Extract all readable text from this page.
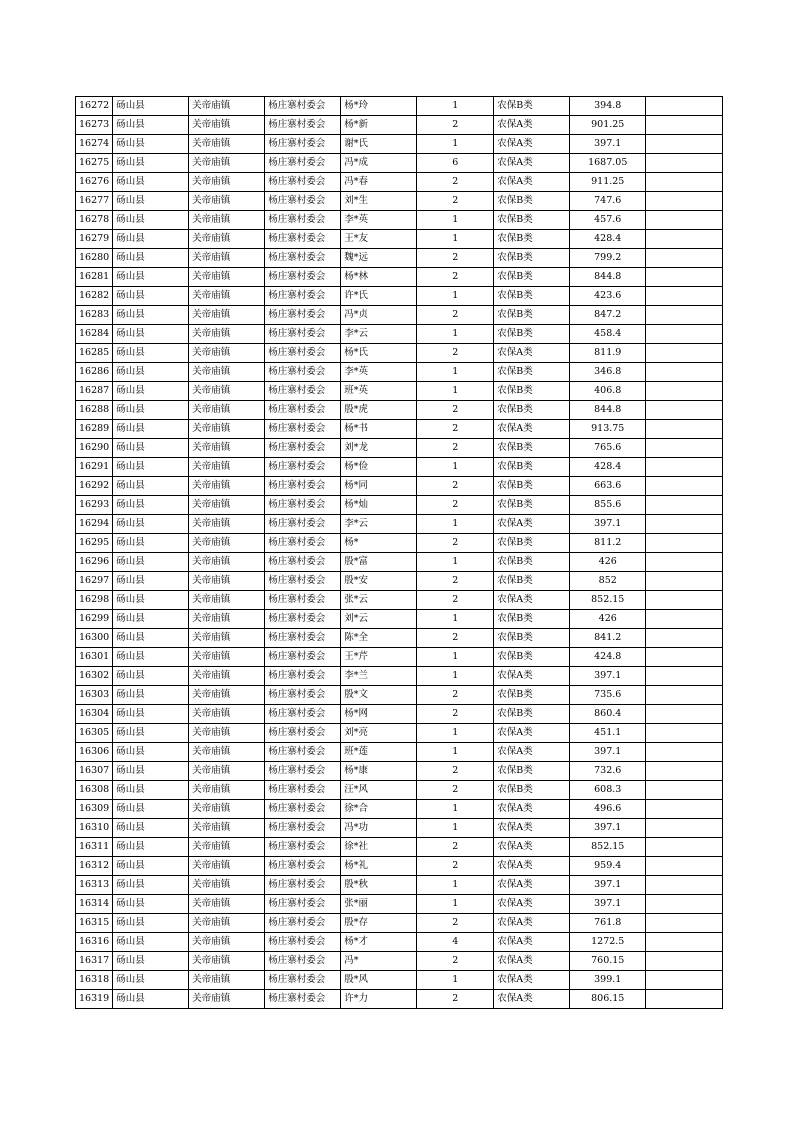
16272	砀山县	关帝庙镇	杨庄寨村委会	杨*玲	1	农保B类	394.8	
16273	砀山县	关帝庙镇	杨庄寨村委会	杨*新	2	农保A类	901.25	
16274	砀山县	关帝庙镇	杨庄寨村委会	谢*氏	1	农保A类	397.1	
16275	砀山县	关帝庙镇	杨庄寨村委会	冯*成	6	农保A类	1687.05	
16276	砀山县	关帝庙镇	杨庄寨村委会	冯*春	2	农保A类	911.25	
16277	砀山县	关帝庙镇	杨庄寨村委会	刘*生	2	农保B类	747.6	
16278	砀山县	关帝庙镇	杨庄寨村委会	李*英	1	农保B类	457.6	
16279	砀山县	关帝庙镇	杨庄寨村委会	王*友	1	农保B类	428.4	
16280	砀山县	关帝庙镇	杨庄寨村委会	魏*远	2	农保B类	799.2	
16281	砀山县	关帝庙镇	杨庄寨村委会	杨*林	2	农保B类	844.8	
16282	砀山县	关帝庙镇	杨庄寨村委会	许*氏	1	农保B类	423.6	
16283	砀山县	关帝庙镇	杨庄寨村委会	冯*贞	2	农保B类	847.2	
16284	砀山县	关帝庙镇	杨庄寨村委会	李*云	1	农保B类	458.4	
16285	砀山县	关帝庙镇	杨庄寨村委会	杨*氏	2	农保A类	811.9	
16286	砀山县	关帝庙镇	杨庄寨村委会	李*英	1	农保B类	346.8	
16287	砀山县	关帝庙镇	杨庄寨村委会	班*英	1	农保B类	406.8	
16288	砀山县	关帝庙镇	杨庄寨村委会	殷*虎	2	农保B类	844.8	
16289	砀山县	关帝庙镇	杨庄寨村委会	杨*书	2	农保A类	913.75	
16290	砀山县	关帝庙镇	杨庄寨村委会	刘*龙	2	农保B类	765.6	
16291	砀山县	关帝庙镇	杨庄寨村委会	杨*俭	1	农保B类	428.4	
16292	砀山县	关帝庙镇	杨庄寨村委会	杨*同	2	农保B类	663.6	
16293	砀山县	关帝庙镇	杨庄寨村委会	杨*灿	2	农保B类	855.6	
16294	砀山县	关帝庙镇	杨庄寨村委会	李*云	1	农保A类	397.1	
16295	砀山县	关帝庙镇	杨庄寨村委会	杨*	2	农保B类	811.2	
16296	砀山县	关帝庙镇	杨庄寨村委会	殷*富	1	农保B类	426	
16297	砀山县	关帝庙镇	杨庄寨村委会	殷*安	2	农保B类	852	
16298	砀山县	关帝庙镇	杨庄寨村委会	张*云	2	农保A类	852.15	
16299	砀山县	关帝庙镇	杨庄寨村委会	刘*云	1	农保B类	426	
16300	砀山县	关帝庙镇	杨庄寨村委会	陈*全	2	农保B类	841.2	
16301	砀山县	关帝庙镇	杨庄寨村委会	王*芹	1	农保B类	424.8	
16302	砀山县	关帝庙镇	杨庄寨村委会	李*兰	1	农保A类	397.1	
16303	砀山县	关帝庙镇	杨庄寨村委会	殷*文	2	农保B类	735.6	
16304	砀山县	关帝庙镇	杨庄寨村委会	杨*网	2	农保B类	860.4	
16305	砀山县	关帝庙镇	杨庄寨村委会	刘*亮	1	农保A类	451.1	
16306	砀山县	关帝庙镇	杨庄寨村委会	班*莲	1	农保A类	397.1	
16307	砀山县	关帝庙镇	杨庄寨村委会	杨*康	2	农保B类	732.6	
16308	砀山县	关帝庙镇	杨庄寨村委会	汪*风	2	农保B类	608.3	
16309	砀山县	关帝庙镇	杨庄寨村委会	徐*合	1	农保A类	496.6	
16310	砀山县	关帝庙镇	杨庄寨村委会	冯*功	1	农保A类	397.1	
16311	砀山县	关帝庙镇	杨庄寨村委会	徐*社	2	农保A类	852.15	
16312	砀山县	关帝庙镇	杨庄寨村委会	杨*礼	2	农保A类	959.4	
16313	砀山县	关帝庙镇	杨庄寨村委会	殷*秋	1	农保A类	397.1	
16314	砀山县	关帝庙镇	杨庄寨村委会	张*丽	1	农保A类	397.1	
16315	砀山县	关帝庙镇	杨庄寨村委会	殷*存	2	农保A类	761.8	
16316	砀山县	关帝庙镇	杨庄寨村委会	杨*才	4	农保A类	1272.5	
16317	砀山县	关帝庙镇	杨庄寨村委会	冯*	2	农保A类	760.15	
16318	砀山县	关帝庙镇	杨庄寨村委会	殷*风	1	农保A类	399.1	
16319	砀山县	关帝庙镇	杨庄寨村委会	许*力	2	农保A类	806.15	
